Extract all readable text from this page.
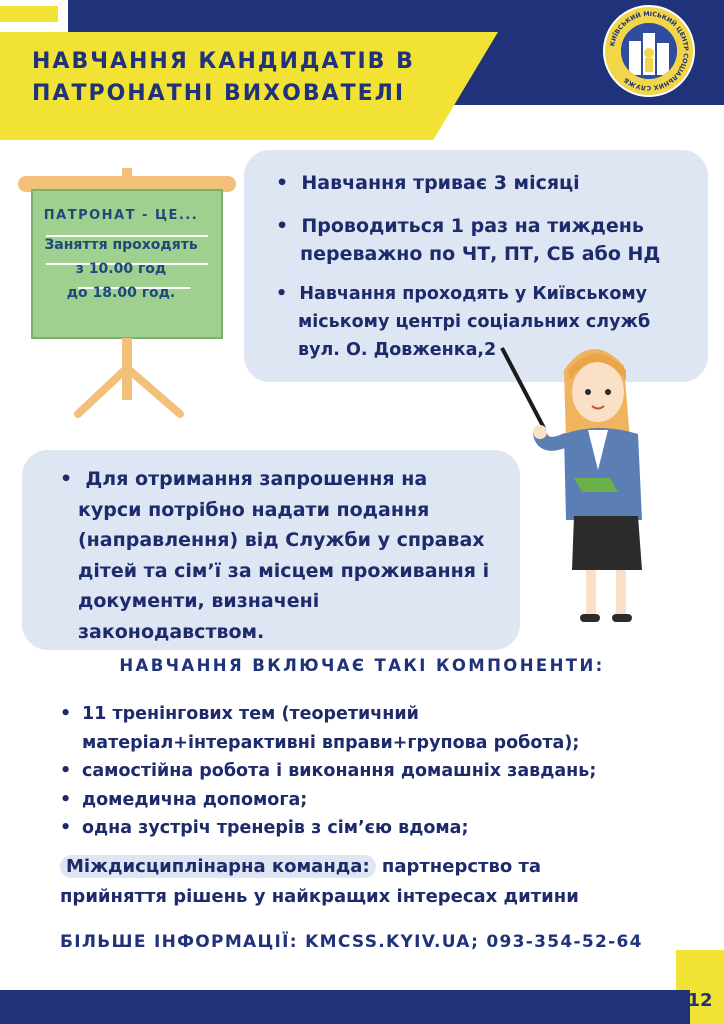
НАВЧАННЯ КАНДИДАТІВ В
ПАТРОНАТНІ ВИХОВАТЕЛІ
КИЇВСЬКИЙ МІСЬКИЙ ЦЕНТР СОЦІАЛЬНИХ СЛУЖБ
ПАТРОНАТ - ЦЕ...
Заняття проходять
з 10.00 год
до 18.00 год.
•  Навчання триває 3 місяці
•  Проводиться 1 раз на тиждень
переважно по ЧТ, ПТ, СБ або НД
•  Навчання проходять у Київському
міському центрі соціальних служб
вул. О. Довженка,2
•  Для отримання запрошення на
курси потрібно надати подання
(направлення) від Служби у справах
дітей та сім’ї за місцем проживання і
документи, визначені
законодавством.
НАВЧАННЯ ВКЛЮЧАЄ ТАКІ КОМПОНЕНТИ:
• 11 тренінгових тем (теоретичний
матеріал+інтерактивні вправи+групова робота);
• самостійна робота і виконання домашніх завдань;
• домедична допомога;
• одна зустріч тренерів з сім’єю вдома;
Міждисциплінарна команда: партнерство та
прийняття рішень у найкращих інтересах дитини
БІЛЬШЕ ІНФОРМАЦІЇ: KMCSS.KYIV.UA; 093-354-52-64
12
